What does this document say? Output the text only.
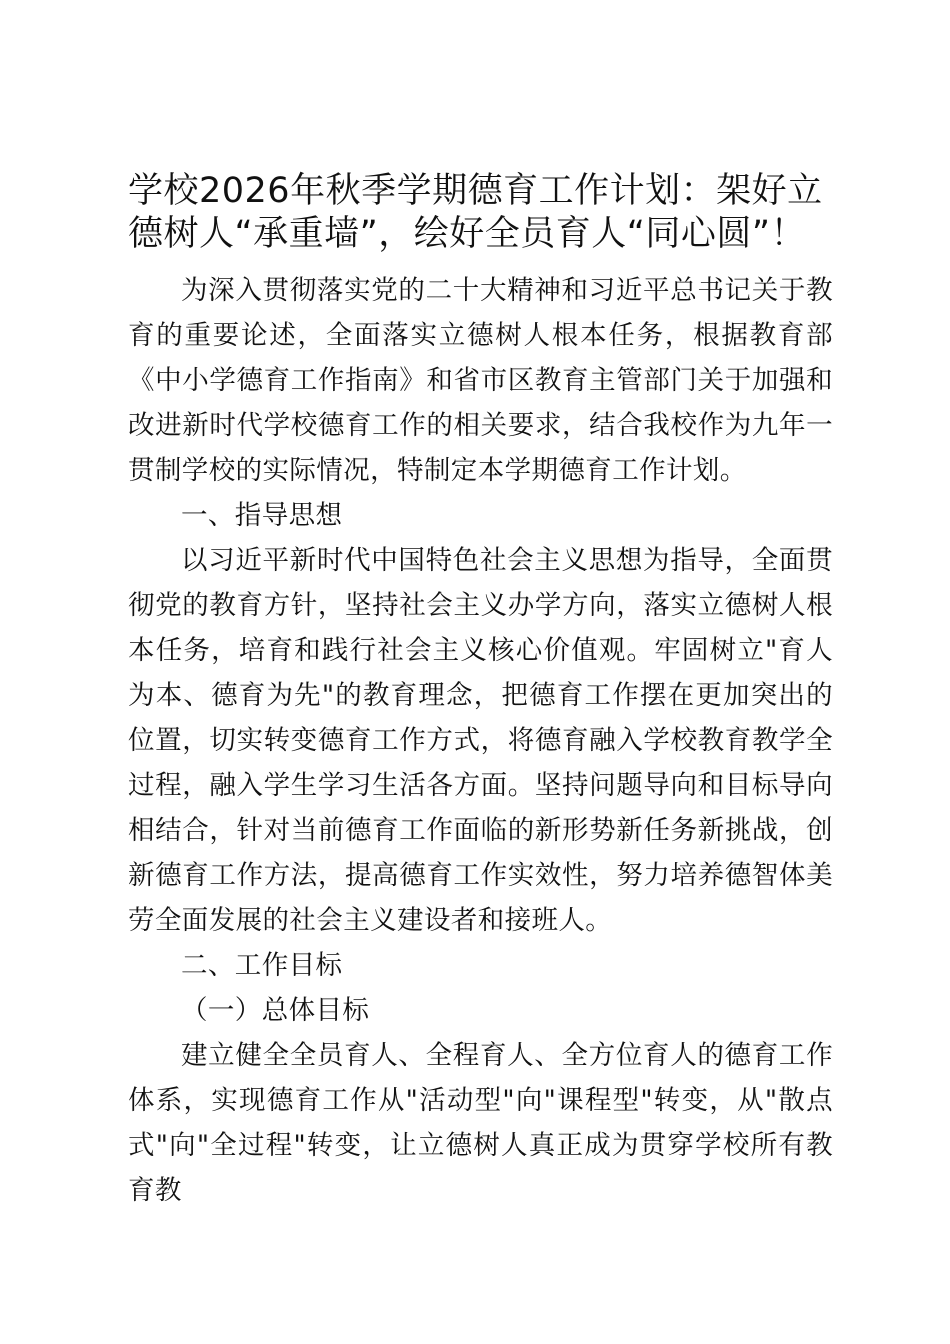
学校2026年秋季学期德育工作计划：架好立
德树人“承重墙”，绘好全员育人“同心圆”！

为深入贯彻落实党的二十大精神和习近平总书记关于教育的重要论述，全面落实立德树人根本任务，根据教育部《中小学德育工作指南》和省市区教育主管部门关于加强和改进新时代学校德育工作的相关要求，结合我校作为九年一贯制学校的实际情况，特制定本学期德育工作计划。

一、指导思想

以习近平新时代中国特色社会主义思想为指导，全面贯彻党的教育方针，坚持社会主义办学方向，落实立德树人根本任务，培育和践行社会主义核心价值观。牢固树立"育人为本、德育为先"的教育理念，把德育工作摆在更加突出的位置，切实转变德育工作方式，将德育融入学校教育教学全过程，融入学生学习生活各方面。坚持问题导向和目标导向相结合，针对当前德育工作面临的新形势新任务新挑战，创新德育工作方法，提高德育工作实效性，努力培养德智体美劳全面发展的社会主义建设者和接班人。

二、工作目标

（一）总体目标

建立健全全员育人、全程育人、全方位育人的德育工作体系，实现德育工作从"活动型"向"课程型"转变，从"散点式"向"全过程"转变，让立德树人真正成为贯穿学校所有教育教
